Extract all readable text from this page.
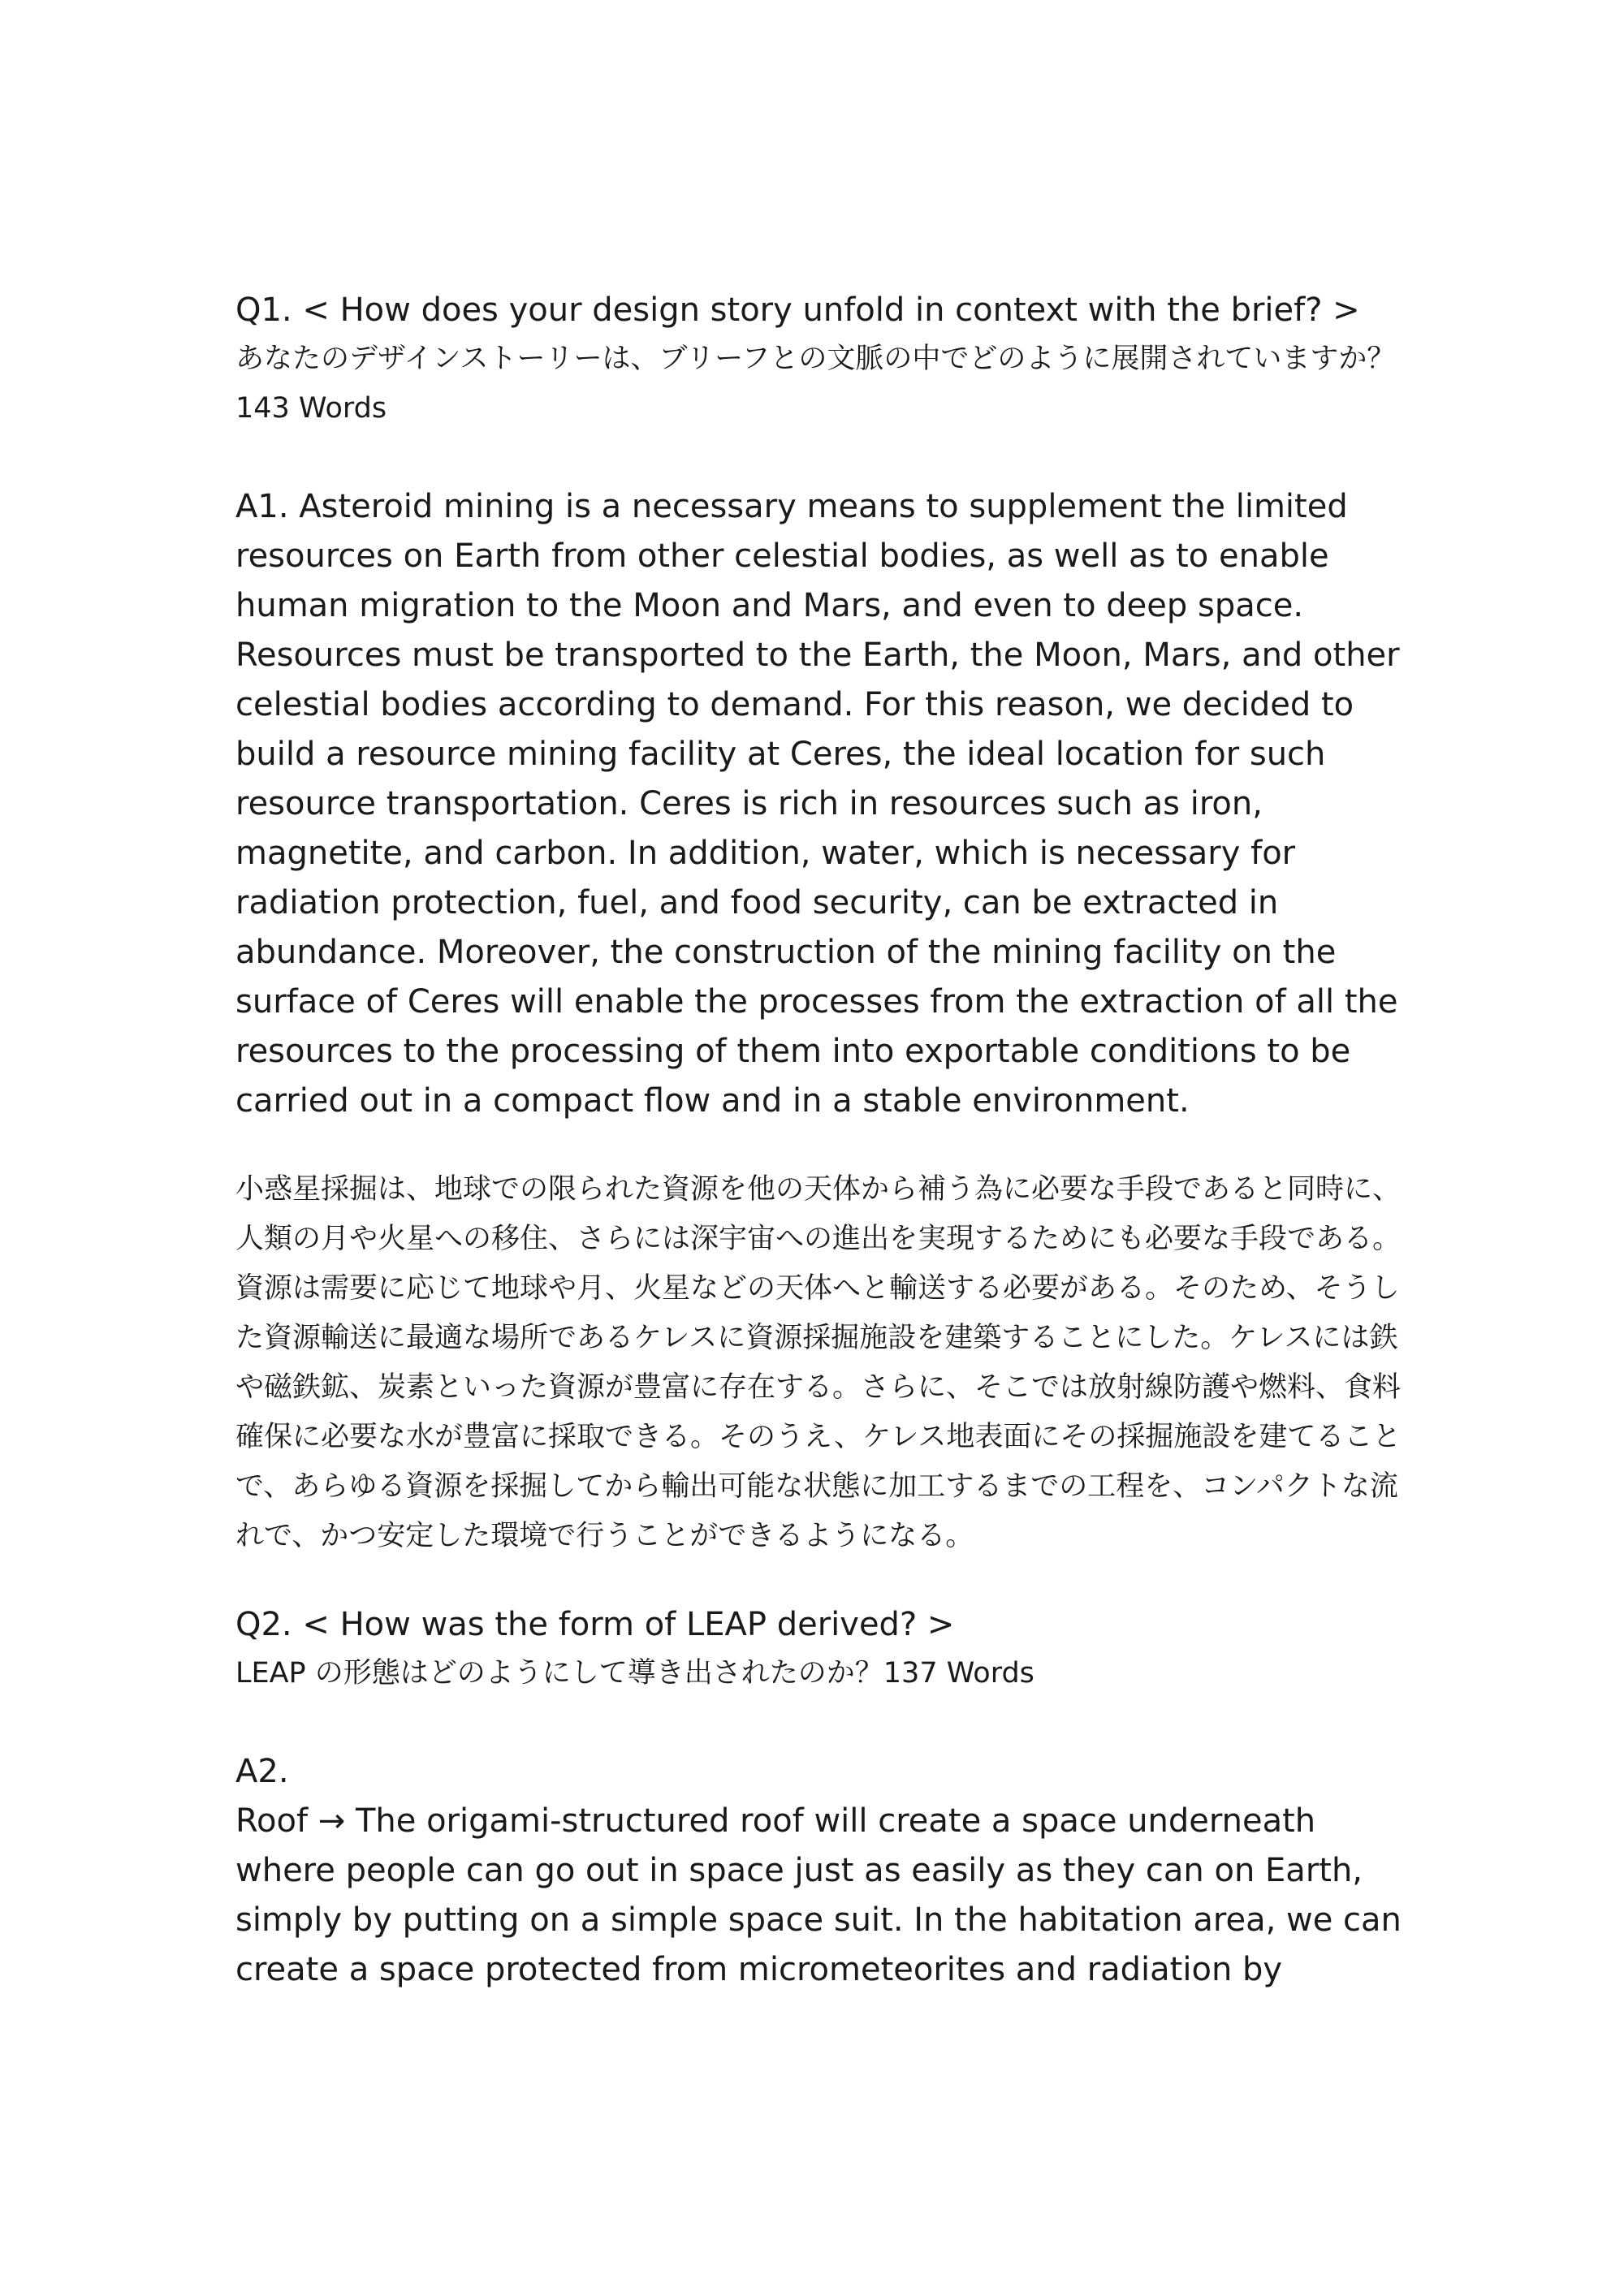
Q1. < How does your design story unfold in context with the brief? >

あなたのデザインストーリーは、ブリーフとの文脈の中でどのように展開されていますか？143 Words

A1. Asteroid mining is a necessary means to supplement the limited resources on Earth from other celestial bodies, as well as to enable human migration to the Moon and Mars, and even to deep space. Resources must be transported to the Earth, the Moon, Mars, and other celestial bodies according to demand. For this reason, we decided to build a resource mining facility at Ceres, the ideal location for such resource transportation. Ceres is rich in resources such as iron, magnetite, and carbon. In addition, water, which is necessary for radiation protection, fuel, and food security, can be extracted in abundance. Moreover, the construction of the mining facility on the surface of Ceres will enable the processes from the extraction of all the resources to the processing of them into exportable conditions to be carried out in a compact flow and in a stable environment.

小惑星採掘は、地球での限られた資源を他の天体から補う為に必要な手段であると同時に、人類の月や火星への移住、さらには深宇宙への進出を実現するためにも必要な手段である。資源は需要に応じて地球や月、火星などの天体へと輸送する必要がある。そのため、そうした資源輸送に最適な場所であるケレスに資源採掘施設を建築することにした。ケレスには鉄や磁鉄鉱、炭素といった資源が豊富に存在する。さらに、そこでは放射線防護や燃料、食料確保に必要な水が豊富に採取できる。そのうえ、ケレス地表面にその採掘施設を建てることで、あらゆる資源を採掘してから輸出可能な状態に加工するまでの工程を、コンパクトな流れで、かつ安定した環境で行うことができるようになる。

Q2. < How was the form of LEAP derived? >

LEAP の形態はどのようにして導き出されたのか？137 Words

A2.

Roof → The origami-structured roof will create a space underneath where people can go out in space just as easily as they can on Earth, simply by putting on a simple space suit. In the habitation area, we can create a space protected from micrometeorites and radiation by
